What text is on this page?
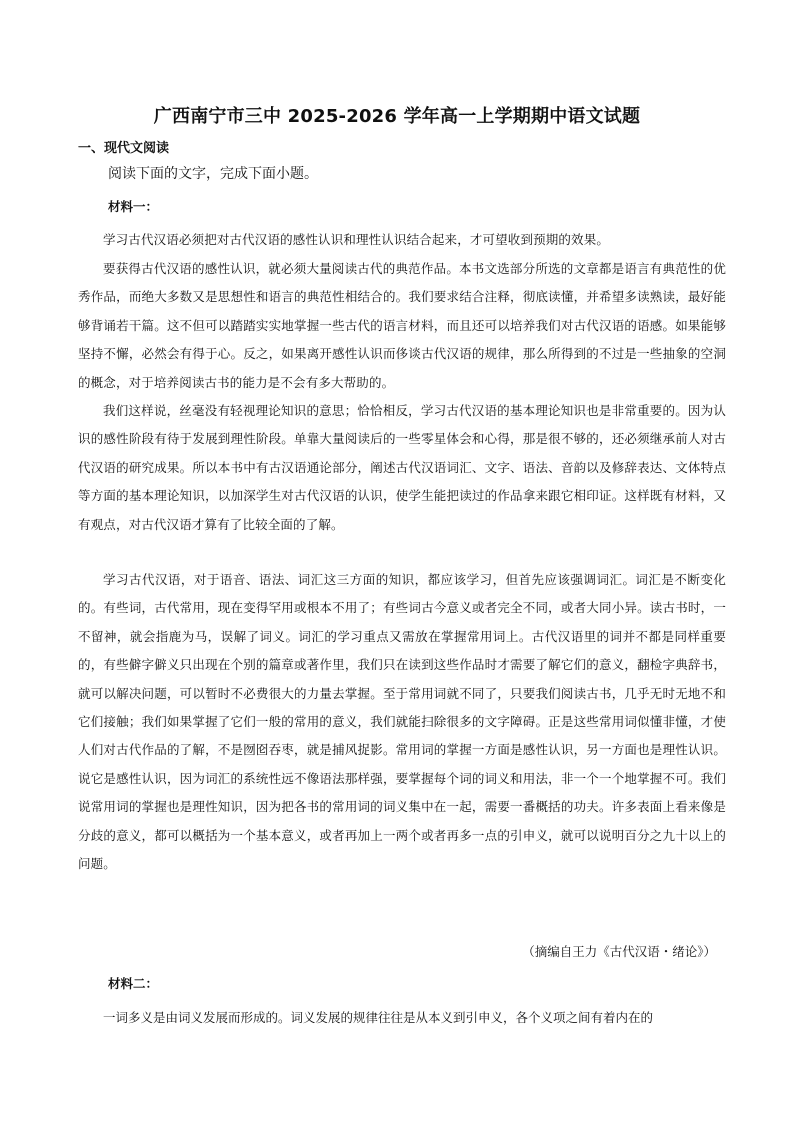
广西南宁市三中 2025-2026 学年高一上学期期中语文试题
一、现代文阅读
阅读下面的文字，完成下面小题。
材料一：

学习古代汉语必须把对古代汉语的感性认识和理性认识结合起来，才可望收到预期的效果。

要获得古代汉语的感性认识，就必须大量阅读古代的典范作品。本书文选部分所选的文章都是语言有典范性的优秀作品，而绝大多数又是思想性和语言的典范性相结合的。我们要求结合注释，彻底读懂，并希望多读熟读，最好能够背诵若干篇。这不但可以踏踏实实地掌握一些古代的语言材料，而且还可以培养我们对古代汉语的语感。如果能够坚持不懈，必然会有得于心。反之，如果离开感性认识而侈谈古代汉语的规律，那么所得到的不过是一些抽象的空洞的概念，对于培养阅读古书的能力是不会有多大帮助的。

我们这样说，丝毫没有轻视理论知识的意思；恰恰相反，学习古代汉语的基本理论知识也是非常重要的。因为认识的感性阶段有待于发展到理性阶段。单靠大量阅读后的一些零星体会和心得，那是很不够的，还必须继承前人对古代汉语的研究成果。所以本书中有古汉语通论部分，阐述古代汉语词汇、文字、语法、音韵以及修辞表达、文体特点等方面的基本理论知识，以加深学生对古代汉语的认识，使学生能把读过的作品拿来跟它相印证。这样既有材料，又有观点，对古代汉语才算有了比较全面的了解。

学习古代汉语，对于语音、语法、词汇这三方面的知识，都应该学习，但首先应该强调词汇。词汇是不断变化的。有些词，古代常用，现在变得罕用或根本不用了；有些词古今意义或者完全不同，或者大同小异。读古书时，一不留神，就会指鹿为马，误解了词义。词汇的学习重点又需放在掌握常用词上。古代汉语里的词并不都是同样重要的，有些僻字僻义只出现在个别的篇章或著作里，我们只在读到这些作品时才需要了解它们的意义，翻检字典辞书，就可以解决问题，可以暂时不必费很大的力量去掌握。至于常用词就不同了，只要我们阅读古书，几乎无时无地不和它们接触；我们如果掌握了它们一般的常用的意义，我们就能扫除很多的文字障碍。正是这些常用词似懂非懂，才使人们对古代作品的了解，不是囫囵吞枣，就是捕风捉影。常用词的掌握一方面是感性认识，另一方面也是理性认识。说它是感性认识，因为词汇的系统性远不像语法那样强，要掌握每个词的词义和用法，非一个一个地掌握不可。我们说常用词的掌握也是理性知识，因为把各书的常用词的词义集中在一起，需要一番概括的功夫。许多表面上看来像是分歧的意义，都可以概括为一个基本意义，或者再加上一两个或者再多一点的引申义，就可以说明百分之九十以上的问题。

（摘编自王力《古代汉语・绪论》）
材料二：

一词多义是由词义发展而形成的。词义发展的规律往往是从本义到引申义，各个义项之间有着内在的
